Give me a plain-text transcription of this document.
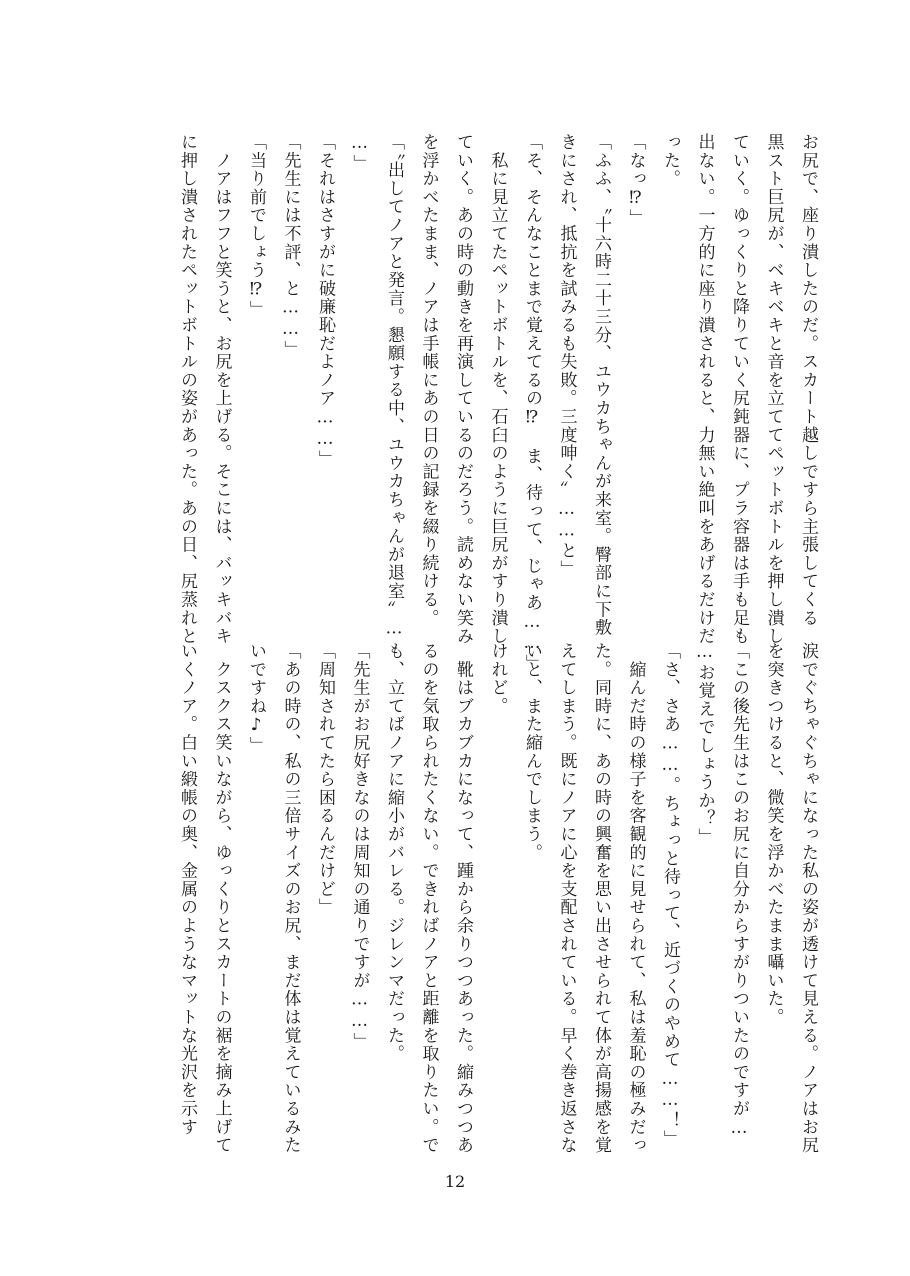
お尻で、座り潰したのだ。スカート越しですら主張してくる
黒スト巨尻が、ベキベキと音を立ててペットボトルを押し潰し
ていく。ゆっくりと降りていく尻鈍器に、プラ容器は手も足も
出ない。一方的に座り潰されると、力無い絶叫をあげるだけだ
った。
「なっ⁉」
「ふふ、〝十六時二十三分、ユウカちゃんが来室。臀部に下敷
きにされ、抵抗を試みるも失敗。三度呻く〟……と」
「そ、そんなことまで覚えてるの⁉　ま、待って、じゃあ……」
　私に見立てたペットボトルを、石臼のように巨尻がすり潰し
ていく。あの時の動きを再演しているのだろう。読めない笑み
を浮かべたまま、ノアは手帳にあの日の記録を綴り続ける。
「〝出してノアと発言。懇願する中、ユウカちゃんが退室〟…
…」
「それはさすがに破廉恥だよノア……」
「先生には不評、と……」
「当り前でしょう⁉」
　ノアはフフと笑うと、お尻を上げる。そこには、バッキバキ
に押し潰されたペットボトルの姿があった。あの日、尻蒸れと
涙でぐちゃぐちゃになった私の姿が透けて見える。ノアはお尻
を突きつけると、微笑を浮かべたまま囁いた。
「この後先生はこのお尻に自分からすがりついたのですが…
…お覚えでしょうか？」
「さ、さあ……。ちょっと待って、近づくのやめて……！」
　縮んだ時の様子を客観的に見せられて、私は羞恥の極みだっ
た。同時に、あの時の興奮を思い出させられて体が高揚感を覚
えてしまう。既にノアに心を支配されている。早く巻き返さな
いと、また縮んでしまう。
けれど。
　靴はブカブカになって、踵から余りつつあった。縮みつつあ
るのを気取られたくない。できればノアと距離を取りたい。で
も、立てばノアに縮小がバレる。ジレンマだった。
「先生がお尻好きなのは周知の通りですが……」
「周知されてたら困るんだけど」
「あの時の、私の三倍サイズのお尻、まだ体は覚えているみた
いですね♪」
　クスクス笑いながら、ゆっくりとスカートの裾を摘み上げて
いくノア。白い緞帳の奥、金属のようなマットな光沢を示す
12
